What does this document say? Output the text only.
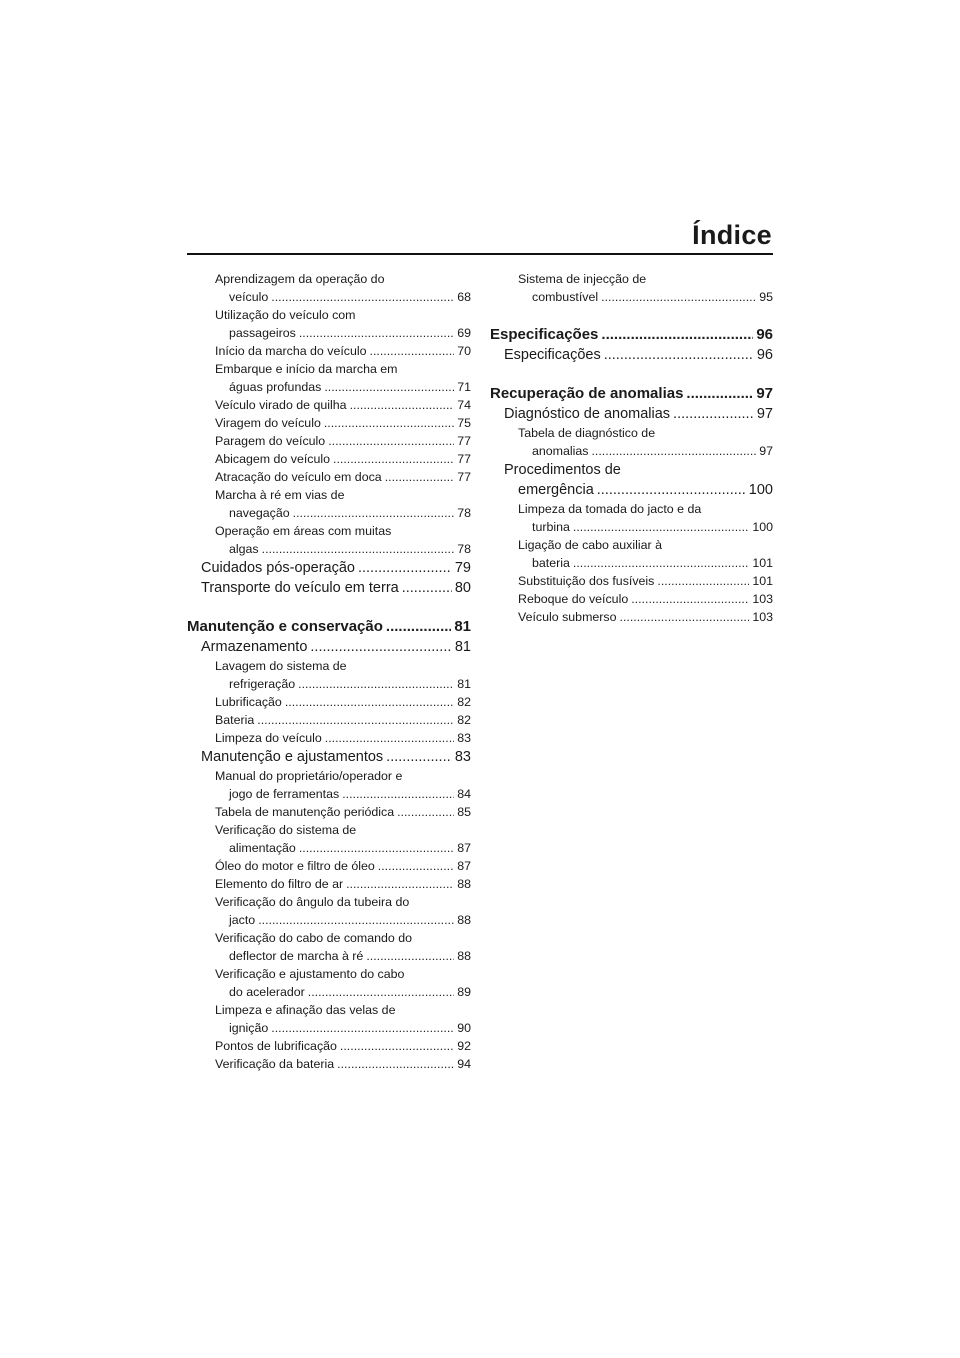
Índice
Aprendizagem da operação do
veículo .....	68
Utilização do veículo com
passageiros .....	69
Início da marcha do veículo .....	70
Embarque e início da marcha em
águas profundas .....	71
Veículo virado de quilha .....	74
Viragem do veículo .....	75
Paragem do veículo .....	77
Abicagem do veículo .....	77
Atracação do veículo em doca .....	77
Marcha à ré em vias de
navegação .....	78
Operação em áreas com muitas
algas .....	78
Cuidados pós-operação .....	79
Transporte do veículo em terra .....	80
Manutenção e conservação .....	81
Armazenamento .....	81
Lavagem do sistema de
refrigeração .....	81
Lubrificação .....	82
Bateria .....	82
Limpeza do veículo .....	83
Manutenção e ajustamentos .....	83
Manual do proprietário/operador e
jogo de ferramentas .....	84
Tabela de manutenção periódica .....	85
Verificação do sistema de
alimentação .....	87
Óleo do motor e filtro de óleo .....	87
Elemento do filtro de ar .....	88
Verificação do ângulo da tubeira do
jacto .....	88
Verificação do cabo de comando do
deflector de marcha à ré .....	88
Verificação e ajustamento do cabo
do acelerador .....	89
Limpeza e afinação das velas de
ignição .....	90
Pontos de lubrificação .....	92
Verificação da bateria .....	94
Sistema de injecção de
combustível .....	95
Especificações .....	96
Especificações .....	96
Recuperação de anomalias .....	97
Diagnóstico de anomalias .....	97
Tabela de diagnóstico de
anomalias .....	97
Procedimentos de
emergência .....	100
Limpeza da tomada do jacto e da
turbina .....	100
Ligação de cabo auxiliar à
bateria .....	101
Substituição dos fusíveis .....	101
Reboque do veículo .....	103
Veículo submerso .....	103
